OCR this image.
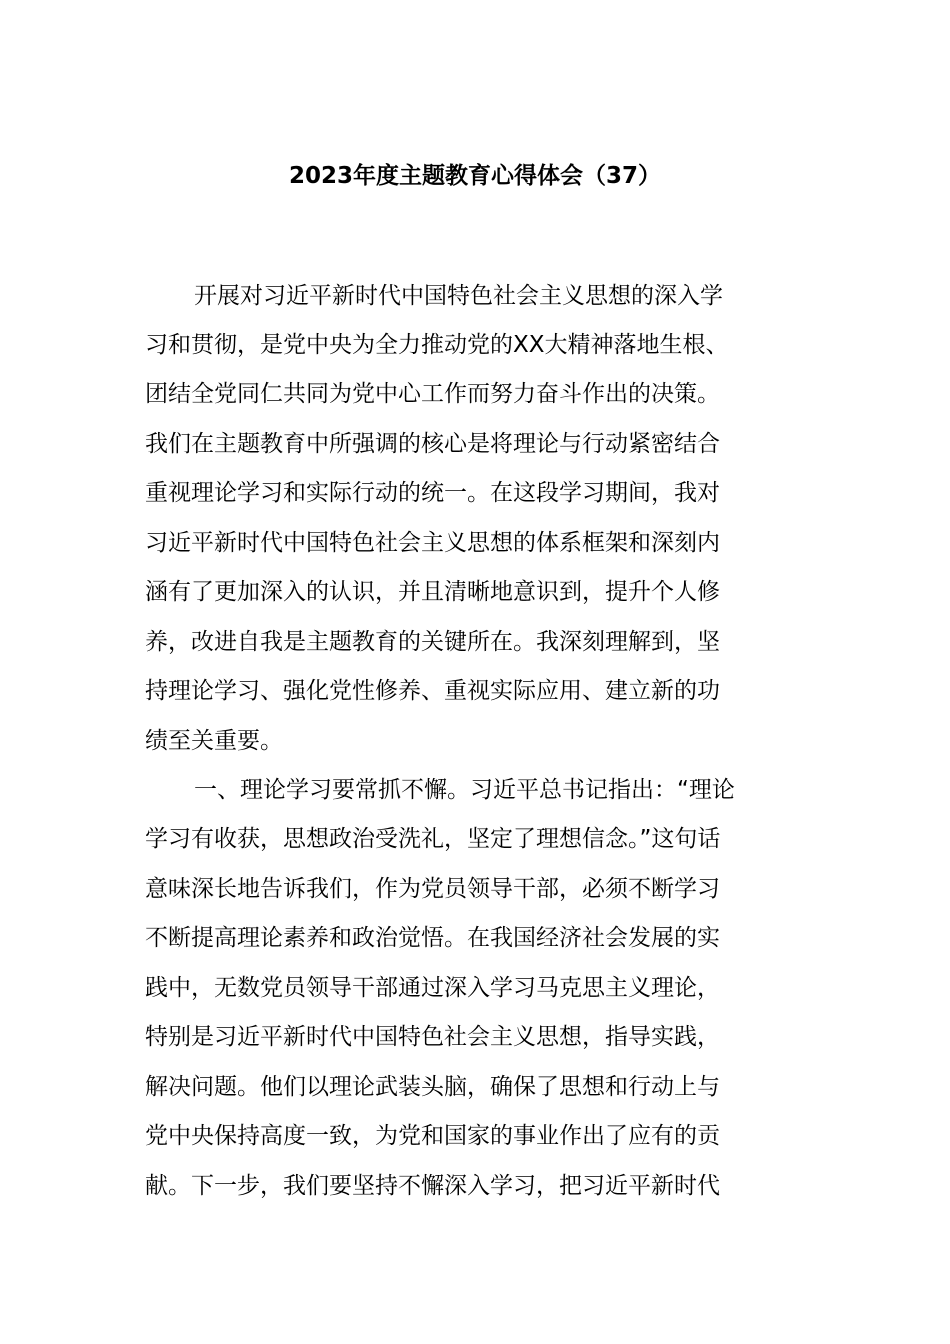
2023年度主题教育心得体会（37）
开展对习近平新时代中国特色社会主义思想的深入学
习和贯彻，是党中央为全力推动党的XX大精神落地生根、
团结全党同仁共同为党中心工作而努力奋斗作出的决策。
我们在主题教育中所强调的核心是将理论与行动紧密结合
重视理论学习和实际行动的统一。在这段学习期间，我对
习近平新时代中国特色社会主义思想的体系框架和深刻内
涵有了更加深入的认识，并且清晰地意识到，提升个人修
养，改进自我是主题教育的关键所在。我深刻理解到，坚
持理论学习、强化党性修养、重视实际应用、建立新的功
绩至关重要。
一、理论学习要常抓不懈。习近平总书记指出：“理论
学习有收获，思想政治受洗礼，坚定了理想信念。”这句话
意味深长地告诉我们，作为党员领导干部，必须不断学习
不断提高理论素养和政治觉悟。在我国经济社会发展的实
践中，无数党员领导干部通过深入学习马克思主义理论，
特别是习近平新时代中国特色社会主义思想，指导实践，
解决问题。他们以理论武装头脑，确保了思想和行动上与
党中央保持高度一致，为党和国家的事业作出了应有的贡
献。下一步，我们要坚持不懈深入学习，把习近平新时代
